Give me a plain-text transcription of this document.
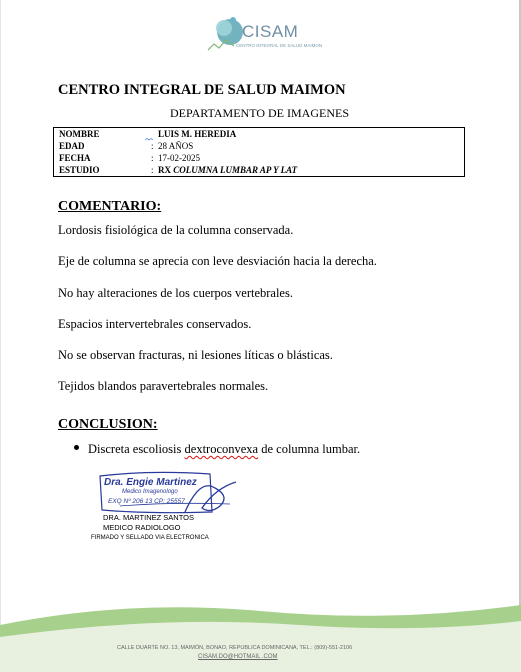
CISAM
CENTRO INTEGRAL DE SALUD MAIMON
CENTRO INTEGRAL DE SALUD MAIMON
DEPARTAMENTO DE IMAGENES
NOMBRE	LUIS M. HEREDIA
EDAD	: 28 AÑOS
FECHA	: 17-02-2025
ESTUDIO	: RX COLUMNA LUMBAR AP Y LAT
COMENTARIO:
Lordosis fisiológica de la columna conservada.
Eje de columna se aprecia con leve desviación hacia la derecha.
No hay alteraciones de los cuerpos vertebrales.
Espacios intervertebrales conservados.
No se observan fracturas, ni lesiones líticas o blásticas.
Tejidos blandos paravertebrales normales.
CONCLUSION:
Discreta escoliosis dextroconvexa de columna lumbar.
Dra. Engie Martinez
Medico Imagenologo
EXQ Nº 206 13 CP: 25557
DRA. MARTINEZ SANTOS
MEDICO RADIOLOGO
FIRMADO Y SELLADO VIA ELECTRONICA
CALLE DUARTE NO. 13, MAIMÓN, BONAO, REPUBLICA DOMINICANA, TEL.: (809)-551-2106
CISAM.DO@HOTMAIL .COM
